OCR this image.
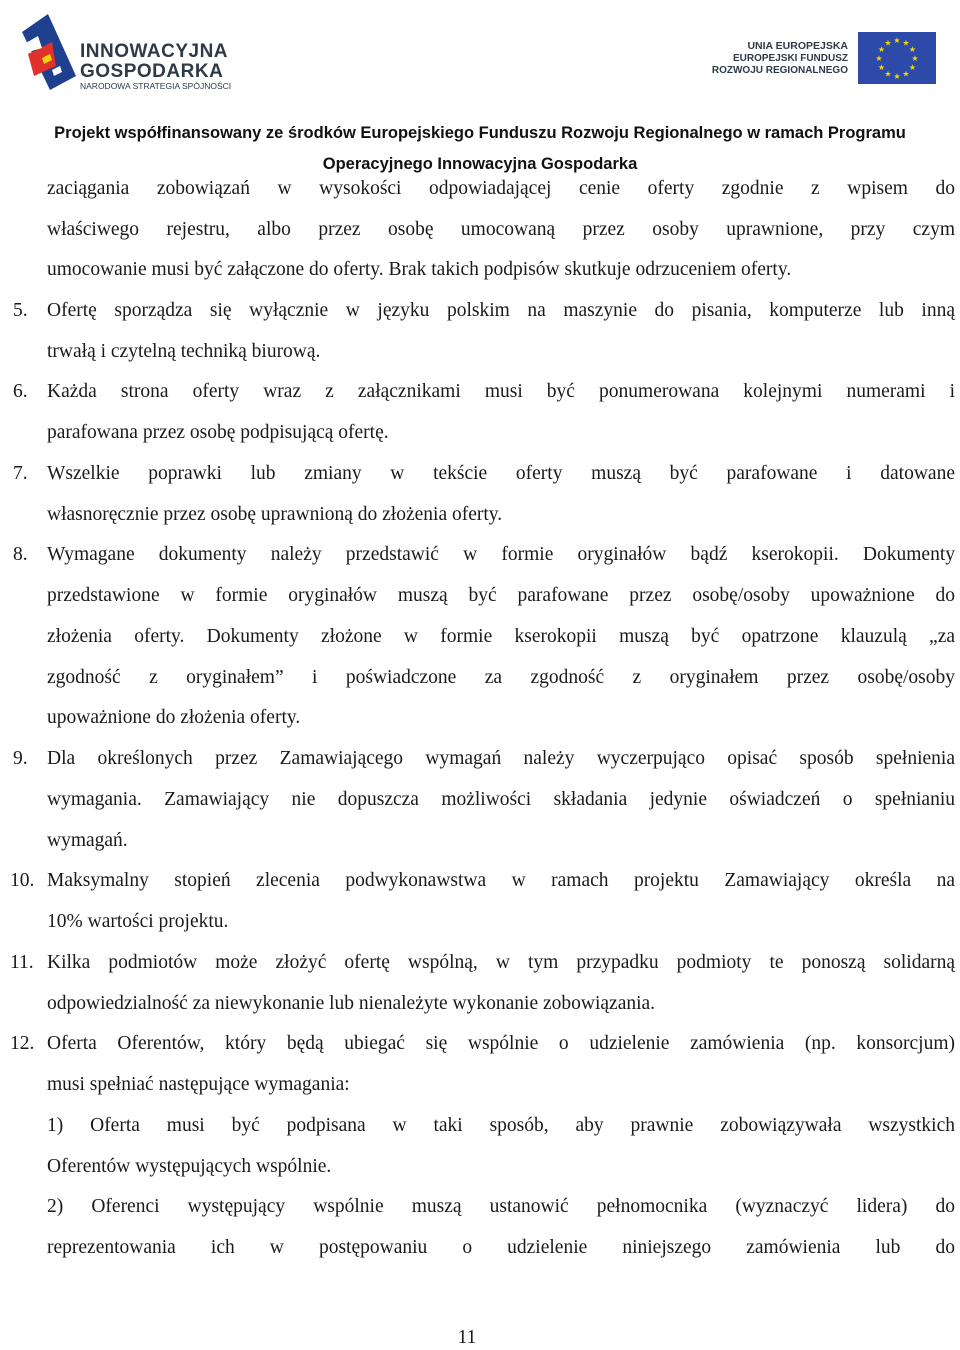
INNOWACYJNA
GOSPODARKA
NARODOWA STRATEGIA SPÓJNOŚCI
UNIA EUROPEJSKA
EUROPEJSKI FUNDUSZ
ROZWOJU REGIONALNEGO
★ ★
★
★
★
★
★
★
★
★
★
★
Projekt współfinansowany ze środków Europejskiego Funduszu Rozwoju Regionalnego w ramach Programu
Operacyjnego Innowacyjna Gospodarka
zaciągania zobowiązań w wysokości odpowiadającej cenie oferty zgodnie z wpisem do
właściwego rejestru, albo przez osobę umocowaną przez osoby uprawnione, przy czym
umocowanie musi być załączone do oferty. Brak takich podpisów skutkuje odrzuceniem oferty.
5. Ofertę sporządza się wyłącznie w języku polskim na maszynie do pisania, komputerze lub inną
trwałą i czytelną techniką biurową.
6. Każda strona oferty wraz z załącznikami musi być ponumerowana kolejnymi numerami i
parafowana przez osobę podpisującą ofertę.
7. Wszelkie poprawki lub zmiany w tekście oferty muszą być parafowane i datowane
własnoręcznie przez osobę uprawnioną do złożenia oferty.
8. Wymagane dokumenty należy przedstawić w formie oryginałów bądź kserokopii. Dokumenty
przedstawione w formie oryginałów muszą być parafowane przez osobę/osoby upoważnione do
złożenia oferty. Dokumenty złożone w formie kserokopii muszą być opatrzone klauzulą „za
zgodność z oryginałem” i poświadczone za zgodność z oryginałem przez osobę/osoby
upoważnione do złożenia oferty.
9. Dla określonych przez Zamawiającego wymagań należy wyczerpująco opisać sposób spełnienia
wymagania. Zamawiający nie dopuszcza możliwości składania jedynie oświadczeń o spełnianiu
wymagań.
10. Maksymalny stopień zlecenia podwykonawstwa w ramach projektu Zamawiający określa na
10% wartości projektu.
11. Kilka podmiotów może złożyć ofertę wspólną, w tym przypadku podmioty te ponoszą solidarną
odpowiedzialność za niewykonanie lub nienależyte wykonanie zobowiązania.
12. Oferta Oferentów, który będą ubiegać się wspólnie o udzielenie zamówienia (np. konsorcjum)
musi spełniać następujące wymagania:
1) Oferta musi być podpisana w taki sposób, aby prawnie zobowiązywała wszystkich
Oferentów występujących wspólnie.
2) Oferenci występujący wspólnie muszą ustanowić pełnomocnika (wyznaczyć lidera) do
reprezentowania ich w postępowaniu o udzielenie niniejszego zamówienia lub do
11
